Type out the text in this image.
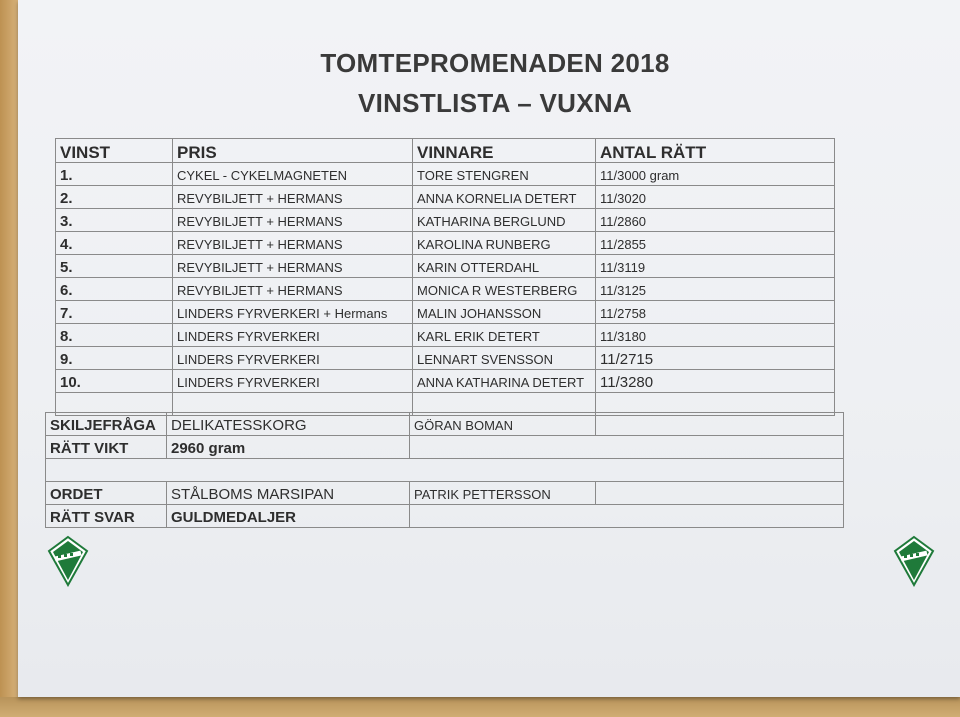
TOMTEPROMENADEN 2018
VINSTLISTA – VUXNA
VINST	PRIS	VINNARE	ANTAL RÄTT
1.	CYKEL - CYKELMAGNETEN	TORE STENGREN	11/3000 gram
2.	REVYBILJETT + HERMANS	ANNA KORNELIA DETERT	11/3020
3.	REVYBILJETT + HERMANS	KATHARINA BERGLUND	11/2860
4.	REVYBILJETT + HERMANS	KAROLINA RUNBERG	11/2855
5.	REVYBILJETT + HERMANS	KARIN OTTERDAHL	11/3119
6.	REVYBILJETT + HERMANS	MONICA R WESTERBERG	11/3125
7.	LINDERS FYRVERKERI + Hermans	MALIN JOHANSSON	11/2758
8.	LINDERS FYRVERKERI	KARL ERIK DETERT	11/3180
9.	LINDERS FYRVERKERI	LENNART SVENSSON	11/2715
10.	LINDERS FYRVERKERI	ANNA KATHARINA DETERT	11/3280

SKILJEFRÅGA	DELIKATESSKORG	GÖRAN BOMAN	
RÄTT VIKT	2960 gram		

ORDET	STÅLBOMS MARSIPAN	PATRIK PETTERSSON	
RÄTT SVAR	GULDMEDALJER		
